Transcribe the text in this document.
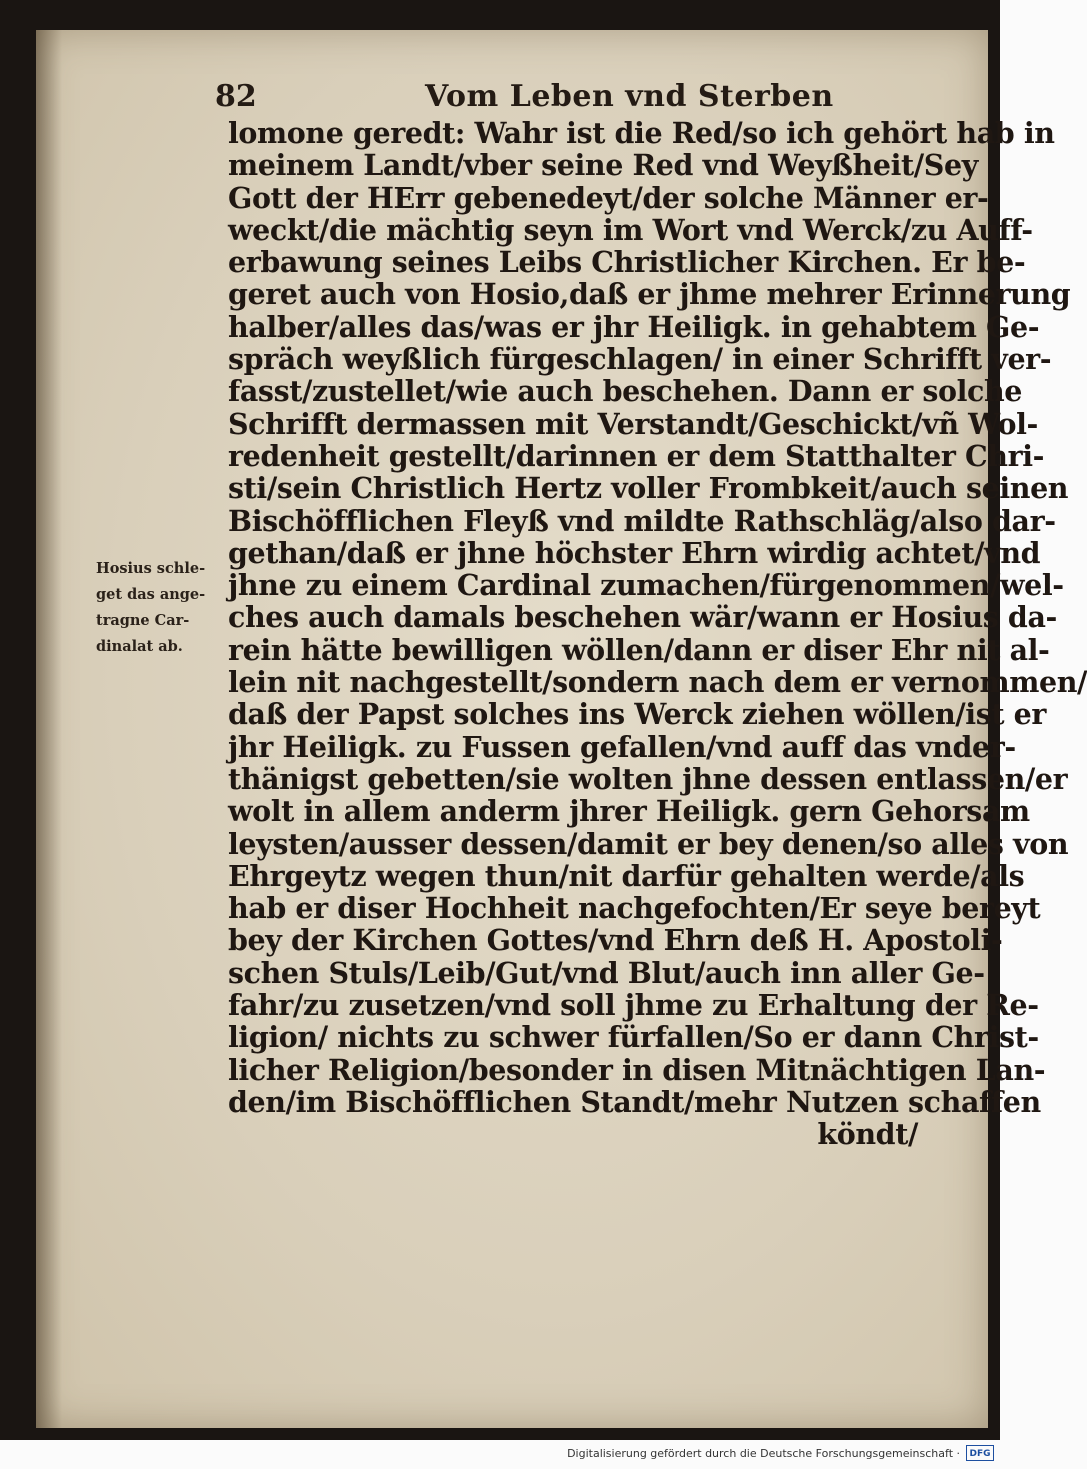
82	Vom Leben vnd Sterben
lomone geredt: Wahr ist die Red/so ich gehört hab in
meinem Landt/vber seine Red vnd Weyßheit/Sey
Gott der HErr gebenedeyt/der solche Männer er-
weckt/die mächtig seyn im Wort vnd Werck/zu Auff-
erbawung seines Leibs Christlicher Kirchen. Er be-
geret auch von Hosio,daß er jhme mehrer Erinnerung
halber/alles das/was er jhr Heiligk. in gehabtem Ge-
spräch weyßlich fürgeschlagen/ in einer Schrifft ver-
fasst/zustellet/wie auch beschehen. Dann er solche
Schrifft dermassen mit Verstandt/Geschickt/vñ Wol-
redenheit gestellt/darinnen er dem Statthalter Chri-
sti/sein Christlich Hertz voller Frombkeit/auch seinen
Bischöfflichen Fleyß vnd mildte Rathschläg/also dar-
gethan/daß er jhne höchster Ehrn wirdig achtet/vnd
jhne zu einem Cardinal zumachen/fürgenommen/wel-
ches auch damals beschehen wär/wann er Hosius da-
rein hätte bewilligen wöllen/dann er diser Ehr nit al-
lein nit nachgestellt/sondern nach dem er vernommen/
daß der Papst solches ins Werck ziehen wöllen/ist er
jhr Heiligk. zu Fussen gefallen/vnd auff das vnder-
thänigst gebetten/sie wolten jhne dessen entlassen/er
wolt in allem anderm jhrer Heiligk. gern Gehorsam
leysten/ausser dessen/damit er bey denen/so alles von
Ehrgeytz wegen thun/nit darfür gehalten werde/als
hab er diser Hochheit nachgefochten/Er seye bereyt
bey der Kirchen Gottes/vnd Ehrn deß H. Apostoli-
schen Stuls/Leib/Gut/vnd Blut/auch inn aller Ge-
fahr/zu zusetzen/vnd soll jhme zu Erhaltung der Re-
ligion/ nichts zu schwer fürfallen/So er dann Christ-
licher Religion/besonder in disen Mitnächtigen Lan-
den/im Bischöfflichen Standt/mehr Nutzen schaffen
köndt/
Hosius schle-
get das ange-
tragne Car-
dinalat ab.
Digitalisierung gefördert durch die Deutsche Forschungsgemeinschaft ·	DFG
